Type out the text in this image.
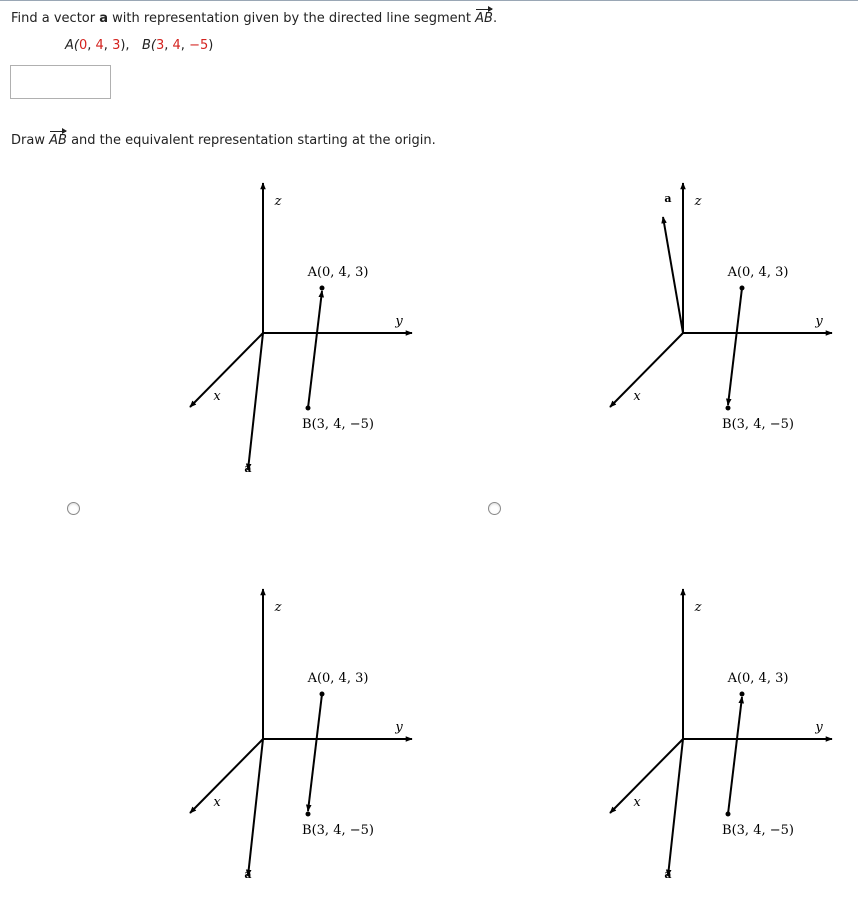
Find a vector a with representation given by the directed line segment AB.
A(0, 4, 3), B(3, 4, −5)
Draw AB and the equivalent representation starting at the origin.
z
y
x
A(0, 4, 3)
B(3, 4, −5)
a
z
y
x
A(0, 4, 3)
B(3, 4, −5)
a
z
y
x
A(0, 4, 3)
B(3, 4, −5)
a
z
y
x
A(0, 4, 3)
B(3, 4, −5)
a
